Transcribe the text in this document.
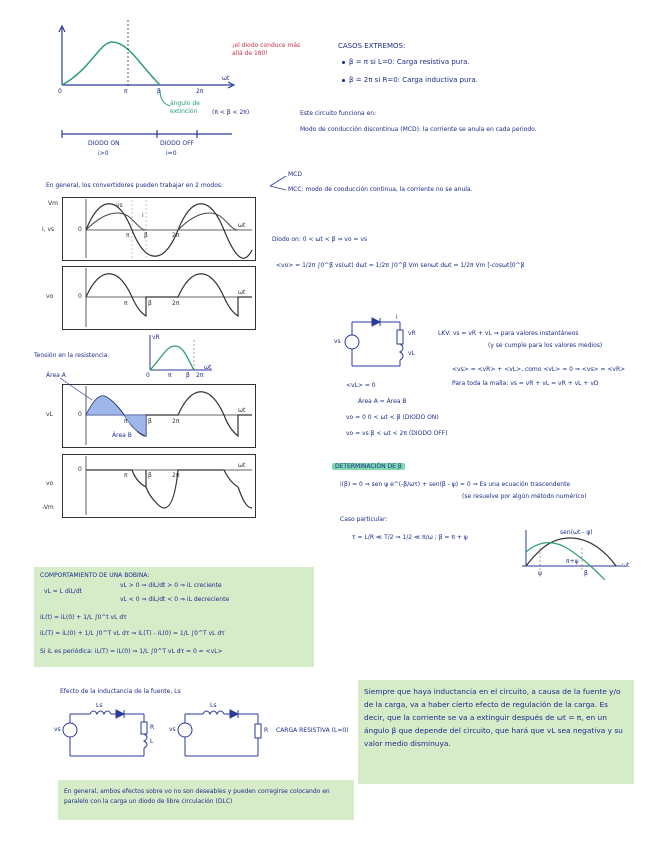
0	π	β	2π
ωt
ángulo de extinción	(π < β < 2π)
DIODO ON
i>0
DIODO OFF
i=0
¡el diodo conduce más allá de 180!
CASOS EXTREMOS:
β = π si L=0: Carga resistiva pura.
β = 2π si R=0: Carga inductiva pura.
Este circuito funciona en:
Modo de conducción discontinua (MCD): la corriente se anula en cada periodo.
En general, los convertidores pueden trabajar en 2 modos:
MCD
MCC: modo de conducción continua, la corriente no se anula.
Vm
i, vs	0
π β	2π
ωt
vs
i
vo	0
π	β	2π
ωt
Diodo on: 0 < ωt < β ⇒ vo = vs
<vo> = 1/2π ∫0^β vs(ωt) dωt = 1/2π ∫0^β Vm senωt dωt = 1/2π Vm [-cosωt]0^β
Tensión en la resistencia.
vR
0	π β 2π
ωt
Área A
Área B
vL	0
π	β	2π
ωt
vo
0
π	β	2π
ωt
-Vm
vs
vR
vL
i
LKV: vs = vR + vL ⇒ para valores instantáneos
(y se cumple para los valores medios)
<vs> = <vR> + <vL>, como <vL> = 0 ⇒ <vs> = <vR>
Para toda la malla: vs = vR + vL = vR + vL + vD
<vL> = 0
Área A = Área B
vo = 0 0 < ωt < β (DIODO ON)
vo = vs β < ωt < 2π (DIODO OFF)
DETERMINACIÓN DE β
i(β) = 0 ⇒ sen ψ e^(-β/ωτ) + sen(β - ψ) = 0 ⇒ Es una ecuación trascendente
(se resuelve por algún método numérico)
Caso particular:
τ = L/R ≪ T/2 ⇒ 1/2 ≪ π/ω ; β = π + ψ
sen(ωt - ψ)
ψ
π+ψ
β
ωt
COMPORTAMIENTO DE UNA BOBINA:
vL = L diL/dt
vL > 0 ⇒ diL/dt > 0 ⇒ iL creciente
vL < 0 ⇒ diL/dt < 0 ⇒ iL decreciente
iL(t) = iL(0) + 1/L ∫0^t vL dτ
iL(T) = iL(0) + 1/L ∫0^T vL dτ ⇒ iL(T) - iL(0) = 1/L ∫0^T vL dτ
Si iL es periódica: iL(T) = iL(0) ⇒ 1/L ∫0^T vL dτ = 0 = <vL>
Efecto de la inductancia de la fuente, Ls
Ls
vs	R
L
Ls
vs	R CARGA RESISTIVA (L=0)
Siempre que haya inductancia en el circuito, a causa de la fuente y/o de la carga, va a haber cierto efecto de regulación de la carga. Es decir, que la corriente se va a extinguir después de ωt = π, en un ángulo β que depende del circuito, que hará que vL sea negativa y su valor medio disminuya.
En general, ambos efectos sobre vo no son deseables y pueden corregirse colocando en paralelo con la carga un diodo de libre circulación (DLC)
